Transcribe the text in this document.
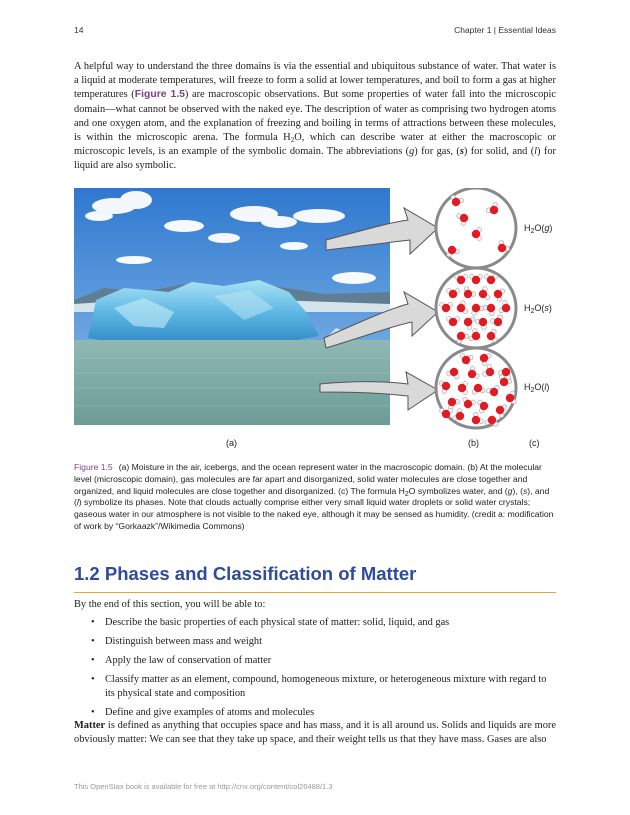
14	Chapter 1 | Essential Ideas

A helpful way to understand the three domains is via the essential and ubiquitous substance of water. That water is a liquid at moderate temperatures, will freeze to form a solid at lower temperatures, and boil to form a gas at higher temperatures (Figure 1.5) are macroscopic observations. But some properties of water fall into the microscopic domain—what cannot be observed with the naked eye. The description of water as comprising two hydrogen atoms and one oxygen atom, and the explanation of freezing and boiling in terms of attractions between these molecules, is within the microscopic arena. The formula $H_2O$, which can describe water at either the macroscopic or microscopic levels, is an example of the symbolic domain. The abbreviations (g) for gas, (s) for solid, and (l) for liquid are also symbolic.

$H_2O(g)$
$H_2O(s)$
$H_2O(l)$
(a)	(b)	(c)

Figure 1.5 (a) Moisture in the air, icebergs, and the ocean represent water in the macroscopic domain. (b) At the molecular level (microscopic domain), gas molecules are far apart and disorganized, solid water molecules are close together and organized, and liquid molecules are close together and disorganized. (c) The formula $H_2O$ symbolizes water, and (g), (s), and (l) symbolize its phases. Note that clouds actually comprise either very small liquid water droplets or solid water crystals; gaseous water in our atmosphere is not visible to the naked eye, although it may be sensed as humidity. (credit a: modification of work by “Gorkaazk”/Wikimedia Commons)

1.2 Phases and Classification of Matter

By the end of this section, you will be able to:

• Describe the basic properties of each physical state of matter: solid, liquid, and gas
• Distinguish between mass and weight
• Apply the law of conservation of matter
• Classify matter as an element, compound, homogeneous mixture, or heterogeneous mixture with regard to its physical state and composition
• Define and give examples of atoms and molecules

Matter is defined as anything that occupies space and has mass, and it is all around us. Solids and liquids are more obviously matter: We can see that they take up space, and their weight tells us that they have mass. Gases are also

This OpenStax book is available for free at http://cnx.org/content/col26488/1.3
